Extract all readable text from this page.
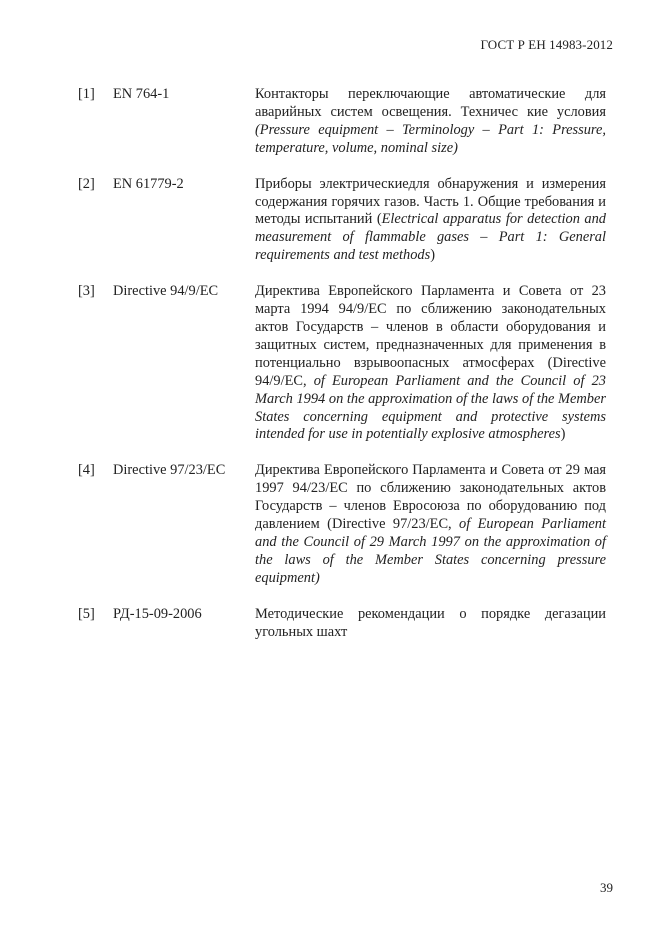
ГОСТ Р ЕН 14983-2012
[1] EN 764-1	Контакторы переключающие автоматические для аварийных систем освещения. Техничес кие условия (Pressure equipment – Terminology – Part 1: Pressure, temperature, volume, nominal size)
[2] EN 61779-2	Приборы электрическиедля обнаружения и измерения содержания горячих газов. Часть 1. Общие требования и методы испытаний (Electrical apparatus for detection and measurement of flammable gases – Part 1: General requirements and test methods)
[3] Directive 94/9/EC	Директива Европейского Парламента и Совета от 23 марта 1994 94/9/EC по сближению законодательных актов Государств – членов в области оборудования и защитных систем, предназначенных для применения в потенциально взрывоопасных атмосферах (Directive 94/9/EC, of European Parliament and the Council of 23 March 1994 on the approximation of the laws of the Member States concerning equipment and protective systems intended for use in potentially explosive atmospheres)
[4] Directive 97/23/EC Директива Европейского Парламента и Совета от 29 мая 1997 94/23/EC по сближению законодательных актов Государств – членов Евросоюза по оборудованию под давлением (Directive 97/23/EC, of European Parliament and the Council of 29 March 1997 on the approximation of the laws of the Member States concerning pressure equipment)
[5] РД-15-09-2006	Методические рекомендации о порядке дегазации угольных шахт
39
